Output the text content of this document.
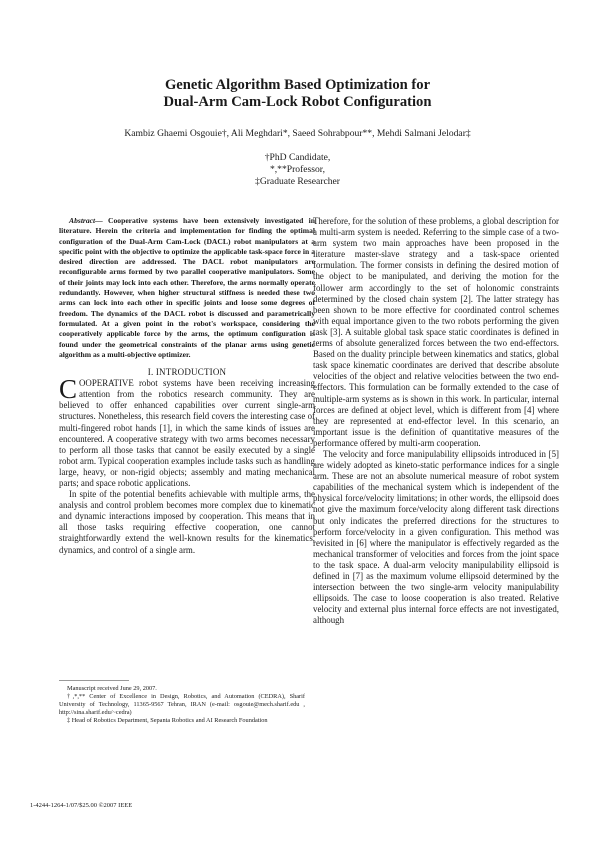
Genetic Algorithm Based Optimization for
Dual-Arm Cam-Lock Robot Configuration
Kambiz Ghaemi Osgouie†, Ali Meghdari*, Saeed Sohrabpour**, Mehdi Salmani Jelodar‡
†PhD Candidate,
*,**Professor,
‡Graduate Researcher

Abstract— Cooperative systems have been extensively investigated in literature. Herein the criteria and implementation for finding the optimal configuration of the Dual-Arm Cam-Lock (DACL) robot manipulators at a specific point with the objective to optimize the applicable task-space force in a desired direction are addressed. The DACL robot manipulators are reconfigurable arms formed by two parallel cooperative manipulators. Some of their joints may lock into each other. Therefore, the arms normally operate redundantly. However, when higher structural stiffness is needed these two arms can lock into each other in specific joints and loose some degrees of freedom. The dynamics of the DACL robot is discussed and parametrically formulated. At a given point in the robot's workspace, considering the cooperatively applicable force by the arms, the optimum configuration is found under the geometrical constraints of the planar arms using genetic algorithm as a multi-objective optimizer.

I. INTRODUCTION

COOPERATIVE robot systems have been receiving increasing attention from the robotics research community. They are believed to offer enhanced capabilities over current single-arm structures. Nonetheless, this research field covers the interesting case of multi-fingered robot hands [1], in which the same kinds of issues are encountered. A cooperative strategy with two arms becomes necessary to perform all those tasks that cannot be easily executed by a single robot arm. Typical cooperation examples include tasks such as handling large, heavy, or non-rigid objects; assembly and mating mechanical parts; and space robotic applications.

In spite of the potential benefits achievable with multiple arms, the analysis and control problem becomes more complex due to kinematic and dynamic interactions imposed by cooperation. This means that in all those tasks requiring effective cooperation, one cannot straightforwardly extend the well-known results for the kinematics, dynamics, and control of a single arm.

Manuscript received June 29, 2007.

†,*,** Center of Excellence in Design, Robotics, and Automation (CEDRA), Sharif University of Technology, 11365-9567 Tehran, IRAN (e-mail: osgouie@mech.sharif.edu , http://sina.sharif.edu/~cedra)

‡ Head of Robotics Department, Sepanta Robotics and AI Research Foundation

Therefore, for the solution of these problems, a global description for a multi-arm system is needed. Referring to the simple case of a two-arm system two main approaches have been proposed in the literature master-slave strategy and a task-space oriented formulation. The former consists in defining the desired motion of the object to be manipulated, and deriving the motion for the follower arm accordingly to the set of holonomic constraints determined by the closed chain system [2]. The latter strategy has been shown to be more effective for coordinated control schemes with equal importance given to the two robots performing the given task [3]. A suitable global task space static coordinates is defined in terms of absolute generalized forces between the two end-effectors. Based on the duality principle between kinematics and statics, global task space kinematic coordinates are derived that describe absolute velocities of the object and relative velocities between the two end-effectors. This formulation can be formally extended to the case of multiple-arm systems as is shown in this work. In particular, internal forces are defined at object level, which is different from [4] where they are represented at end-effector level. In this scenario, an important issue is the definition of quantitative measures of the performance offered by multi-arm cooperation.

The velocity and force manipulability ellipsoids introduced in [5] are widely adopted as kineto-static performance indices for a single arm. These are not an absolute numerical measure of robot system capabilities of the mechanical system which is independent of the physical force/velocity limitations; in other words, the ellipsoid does not give the maximum force/velocity along different task directions but only indicates the preferred directions for the structures to perform force/velocity in a given configuration. This method was revisited in [6] where the manipulator is effectively regarded as the mechanical transformer of velocities and forces from the joint space to the task space. A dual-arm velocity manipulability ellipsoid is defined in [7] as the maximum volume ellipsoid determined by the intersection between the two single-arm velocity manipulability ellipsoids. The case to loose cooperation is also treated. Relative velocity and external plus internal force effects are not investigated, although

1-4244-1264-1/07/$25.00 ©2007 IEEE
